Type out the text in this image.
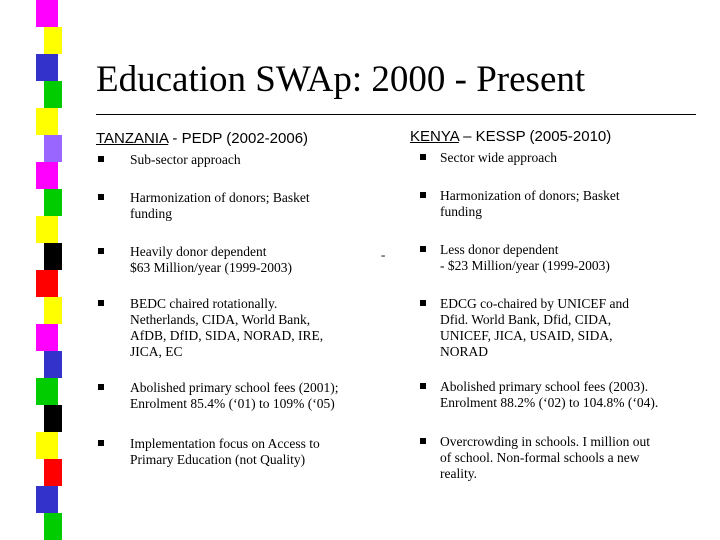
Education SWAp: 2000 - Present
TANZANIA - PEDP (2002-2006)	KENYA – KESSP (2005-2010)
Sub-sector approach
Harmonization of donors; Basket
funding
Heavily donor dependent
$63 Million/year (1999-2003)
BEDC chaired rotationally.
Netherlands, CIDA, World Bank,
AfDB, DfID, SIDA, NORAD, IRE,
JICA, EC
Abolished primary school fees (2001);
Enrolment 85.4% (‘01) to 109% (‘05)
Implementation focus on Access to
Primary Education (not Quality)
-
Sector wide approach
Harmonization of donors; Basket
funding
Less donor dependent
- $23 Million/year (1999-2003)
EDCG co-chaired by UNICEF and
Dfid. World Bank, Dfid, CIDA,
UNICEF, JICA, USAID, SIDA,
NORAD
Abolished primary school fees (2003).
Enrolment 88.2% (‘02) to 104.8% (‘04).
Overcrowding in schools. I million out
of school. Non-formal schools a new
reality.
